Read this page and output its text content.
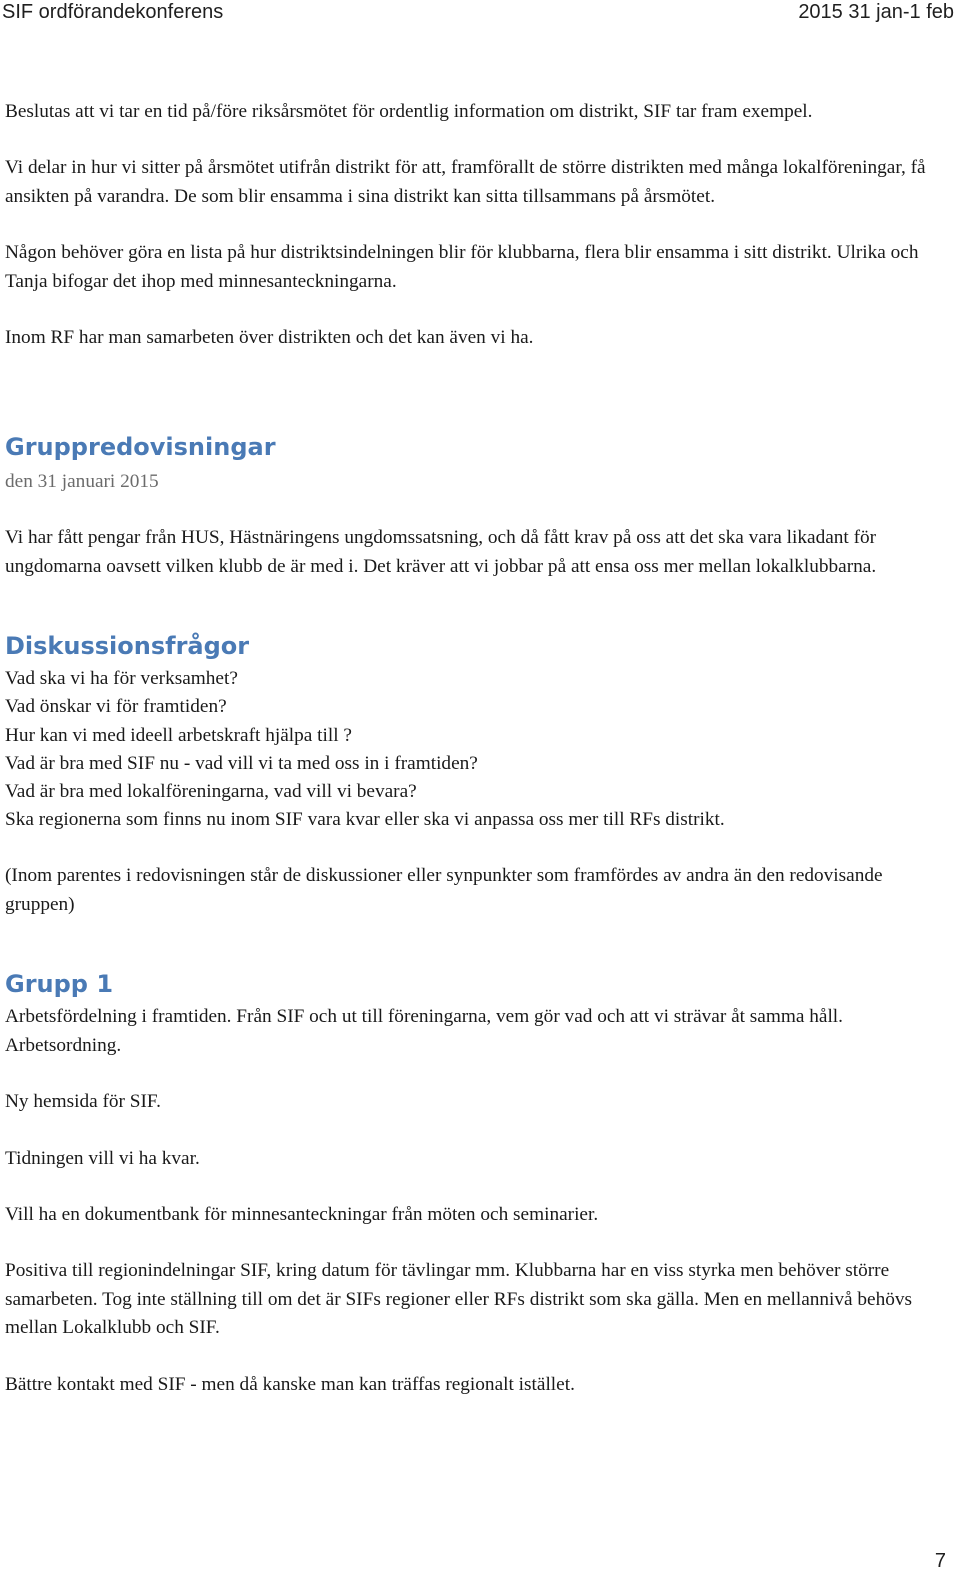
SIF ordförandekonferens	2015 31 jan-1 feb

Beslutas att vi tar en tid på/före riksårsmötet för ordentlig information om distrikt, SIF tar fram exempel.

Vi delar in hur vi sitter på årsmötet utifrån distrikt för att, framförallt de större distrikten med många lokalföreningar, få ansikten på varandra. De som blir ensamma i sina distrikt kan sitta tillsammans på årsmötet.

Någon behöver göra en lista på hur distriktsindelningen blir för klubbarna, flera blir ensamma i sitt distrikt. Ulrika och Tanja bifogar det ihop med minnesanteckningarna.

Inom RF har man samarbeten över distrikten och det kan även vi ha.

Gruppredovisningar

den 31 januari 2015

Vi har fått pengar från HUS, Hästnäringens ungdomssatsning, och då fått krav på oss att det ska vara likadant för ungdomarna oavsett vilken klubb de är med i. Det kräver att vi jobbar på att ensa oss mer mellan lokalklubbarna.

Diskussionsfrågor

Vad ska vi ha för verksamhet?

Vad önskar vi för framtiden?

Hur kan vi med ideell arbetskraft hjälpa till ?

Vad är bra med SIF nu - vad vill vi ta med oss in i framtiden?

Vad är bra med lokalföreningarna, vad vill vi bevara?

Ska regionerna som finns nu inom SIF vara kvar eller ska vi anpassa oss mer till RFs distrikt.

(Inom parentes i redovisningen står de diskussioner eller synpunkter som framfördes av andra än den redovisande gruppen)

Grupp 1

Arbetsfördelning i framtiden. Från SIF och ut till föreningarna, vem gör vad och att vi strävar åt samma håll. Arbetsordning.

Ny hemsida för SIF.

Tidningen vill vi ha kvar.

Vill ha en dokumentbank för minnesanteckningar från möten och seminarier.

Positiva till regionindelningar SIF, kring datum för tävlingar mm. Klubbarna har en viss styrka men behöver större samarbeten. Tog inte ställning till om det är SIFs regioner eller RFs distrikt som ska gälla. Men en mellannivå behövs mellan Lokalklubb och SIF.

Bättre kontakt med SIF - men då kanske man kan träffas regionalt istället.

7
